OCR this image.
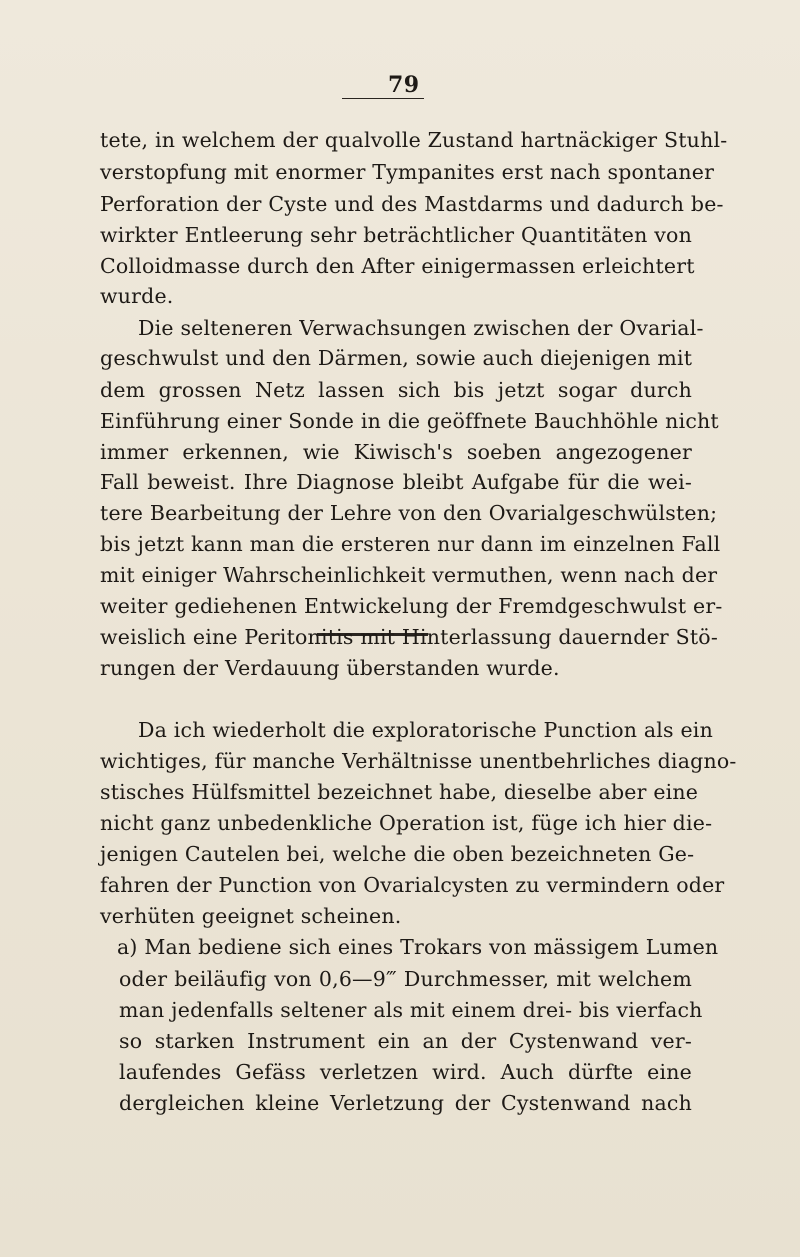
79
tete, in welchem der qualvolle Zustand hartnäckiger Stuhl-
verstopfung mit enormer Tympanites erst nach spontaner
Perforation der Cyste und des Mastdarms und dadurch be-
wirkter Entleerung sehr beträchtlicher Quantitäten von
Colloidmasse durch den After einigermassen erleichtert
wurde.
Die selteneren Verwachsungen zwischen der Ovarial-
geschwulst und den Därmen, sowie auch diejenigen mit
dem grossen Netz lassen sich bis jetzt sogar durch
Einführung einer Sonde in die geöffnete Bauchhöhle nicht
immer erkennen, wie Kiwisch's soeben angezogener
Fall beweist. Ihre Diagnose bleibt Aufgabe für die wei-
tere Bearbeitung der Lehre von den Ovarialgeschwülsten;
bis jetzt kann man die ersteren nur dann im einzelnen Fall
mit einiger Wahrscheinlichkeit vermuthen, wenn nach der
weiter gediehenen Entwickelung der Fremdgeschwulst er-
weislich eine Peritonitis mit Hinterlassung dauernder Stö-
rungen der Verdauung überstanden wurde.
Da ich wiederholt die exploratorische Punction als ein
wichtiges, für manche Verhältnisse unentbehrliches diagno-
stisches Hülfsmittel bezeichnet habe, dieselbe aber eine
nicht ganz unbedenkliche Operation ist, füge ich hier die-
jenigen Cautelen bei, welche die oben bezeichneten Ge-
fahren der Punction von Ovarialcysten zu vermindern oder
verhüten geeignet scheinen.
a) Man bediene sich eines Trokars von mässigem Lumen
oder beiläufig von 0,6—9‴ Durchmesser, mit welchem
man jedenfalls seltener als mit einem drei- bis vierfach
so starken Instrument ein an der Cystenwand ver-
laufendes Gefäss verletzen wird. Auch dürfte eine
dergleichen kleine Verletzung der Cystenwand nach
